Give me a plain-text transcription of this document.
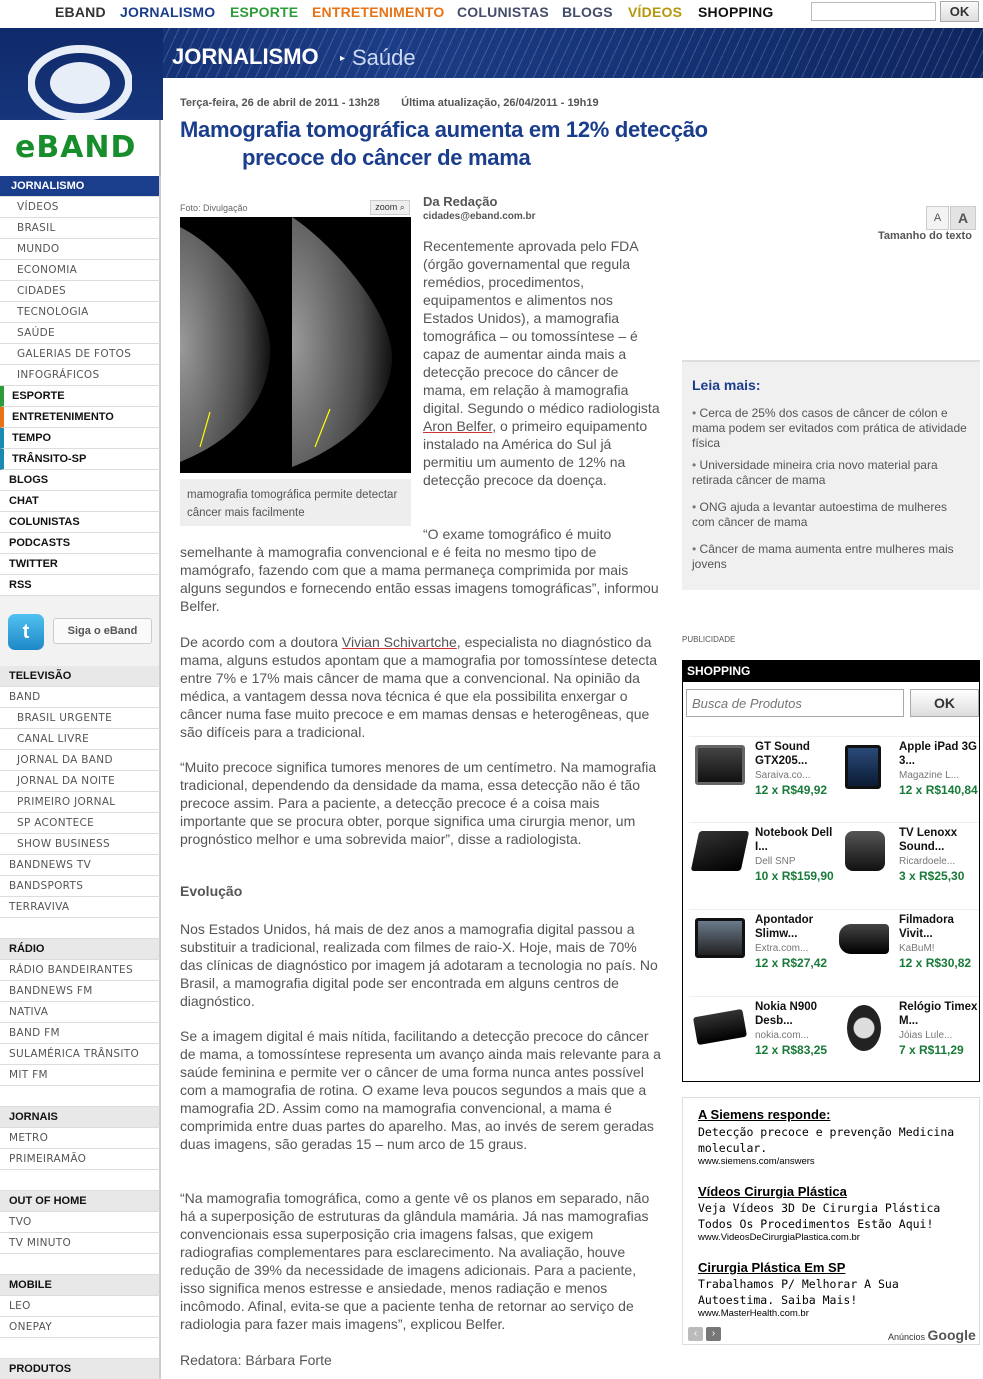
EBAND JORNALISMO ESPORTE ENTRETENIMENTO COLUNISTAS BLOGS VÍDEOS SHOPPING	OK
JORNALISMO ▸ Saúde
eBAND
JORNALISMO
VÍDEOS
BRASIL
MUNDO
ECONOMIA
CIDADES
TECNOLOGIA
SAÚDE
GALERIAS DE FOTOS
INFOGRÁFICOS
ESPORTE
ENTRETENIMENTO
TEMPO
TRÂNSITO-SP
BLOGS
CHAT
COLUNISTAS
PODCASTS
TWITTER
RSS
t	Siga o eBand
TELEVISÃO
BAND
BRASIL URGENTE
CANAL LIVRE
JORNAL DA BAND
JORNAL DA NOITE
PRIMEIRO JORNAL
SP ACONTECE
SHOW BUSINESS
BANDNEWS TV
BANDSPORTS
TERRAVIVA
RÁDIO
RÁDIO BANDEIRANTES
BANDNEWS FM
NATIVA
BAND FM
SULAMÉRICA TRÂNSITO
MIT FM
JORNAIS
METRO
PRIMEIRAMÃO
OUT OF HOME
TVO
TV MINUTO
MOBILE
LEO
ONEPAY
PRODUTOS
Terça-feira, 26 de abril de 2011 - 13h28       Última atualização, 26/04/2011 - 19h19
Mamografia tomográfica aumenta em 12% detecção
precoce do câncer de mama
Foto: Divulgação	zoom ⌕
mamografia tomográfica permite detectar câncer mais facilmente
Da Redação
cidades@eband.com.br
Recentemente aprovada pelo FDA (órgão governamental que regula remédios, procedimentos, equipamentos e alimentos nos Estados Unidos), a mamografia tomográfica – ou tomossíntese – é capaz de aumentar ainda mais a detecção precoce do câncer de mama, em relação à mamografia digital. Segundo o médico radiologista Aron Belfer, o primeiro equipamento instalado na América do Sul já permitiu um aumento de 12% na detecção precoce da doença.
“O exame tomográfico é muito semelhante à mamografia convencional e é feita no mesmo tipo de mamógrafo, fazendo com que a mama permaneça comprimida por mais alguns segundos e fornecendo então essas imagens tomográficas”, informou Belfer.
De acordo com a doutora Vivian Schivartche, especialista no diagnóstico da mama, alguns estudos apontam que a mamografia por tomossíntese detecta entre 7% e 17% mais câncer de mama que a convencional. Na opinião da médica, a vantagem dessa nova técnica é que ela possibilita enxergar o câncer numa fase muito precoce e em mamas densas e heterogêneas, que são difíceis para a tradicional.
“Muito precoce significa tumores menores de um centímetro. Na mamografia tradicional, dependendo da densidade da mama, essa detecção não é tão precoce assim. Para a paciente, a detecção precoce é a coisa mais importante que se procura obter, porque significa uma cirurgia menor, um prognóstico melhor e uma sobrevida maior”, disse a radiologista.
Evolução
Nos Estados Unidos, há mais de dez anos a mamografia digital passou a substituir a tradicional, realizada com filmes de raio-X. Hoje, mais de 70% das clínicas de diagnóstico por imagem já adotaram a tecnologia no país. No Brasil, a mamografia digital pode ser encontrada em alguns centros de diagnóstico.
Se a imagem digital é mais nítida, facilitando a detecção precoce do câncer de mama, a tomossíntese representa um avanço ainda mais relevante para a saúde feminina e permite ver o câncer de uma forma nunca antes possível com a mamografia de rotina. O exame leva poucos segundos a mais que a mamografia 2D. Assim como na mamografia convencional, a mama é comprimida entre duas partes do aparelho. Mas, ao invés de serem geradas duas imagens, são geradas 15 – num arco de 15 graus.
“Na mamografia tomográfica, como a gente vê os planos em separado, não há a superposição de estruturas da glândula mamária. Já nas mamografias convencionais essa superposição cria imagens falsas, que exigem radiografias complementares para esclarecimento. Na avaliação, houve redução de 39% da necessidade de imagens adicionais. Para a paciente, isso significa menos estresse e ansiedade, menos radiação e menos incômodo. Afinal, evita-se que a paciente tenha de retornar ao serviço de radiologia para fazer mais imagens”, explicou Belfer.
Redatora: Bárbara Forte
A	A
Tamanho do texto
Leia mais:
• Cerca de 25% dos casos de câncer de cólon e mama podem ser evitados com prática de atividade física
• Universidade mineira cria novo material para retirada câncer de mama
• ONG ajuda a levantar autoestima de mulheres com câncer de mama
• Câncer de mama aumenta entre mulheres mais jovens
PUBLICIDADE
SHOPPING
Busca de Produtos
OK
GT Sound GTX205...
Saraiva.co...
12 x R$49,92
Apple iPad 3G 3...
Magazine L...
12 x R$140,84
Notebook Dell I...
Dell SNP
10 x R$159,90
TV Lenoxx Sound...
Ricardoele...
3 x R$25,30
Apontador Slimw...
Extra.com...
12 x R$27,42
Filmadora Vivit...
KaBuM!
12 x R$30,82
Nokia N900 Desb...
nokia.com...
12 x R$83,25
Relógio Timex M...
Jóias Lule...
7 x R$11,29
A Siemens responde:
Detecção precoce e prevenção Medicina molecular.
www.siemens.com/answers
Vídeos Cirurgia Plástica
Veja Vídeos 3D De Cirurgia Plástica Todos Os Procedimentos Estão Aqui!
www.VideosDeCirurgiaPlastica.com.br
Cirurgia Plástica Em SP
Trabalhamos P/ Melhorar A Sua Autoestima. Saiba Mais!
www.MasterHealth.com.br
‹	›	Anúncios Google
